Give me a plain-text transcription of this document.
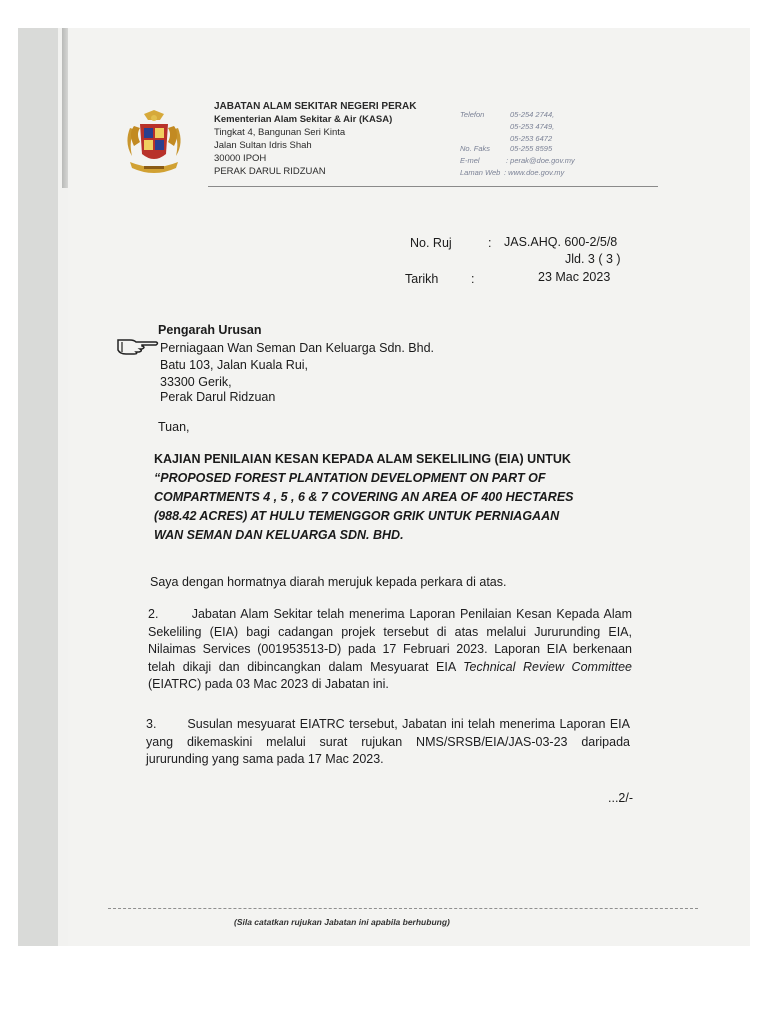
JABATAN ALAM SEKITAR NEGERI PERAK
Kementerian Alam Sekitar & Air (KASA)
Tingkat 4, Bangunan Seri Kinta
Jalan Sultan Idris Shah
30000 IPOH
PERAK DARUL RIDZUAN
Telefon	05-254 2744,
05-253 4749,
05-253 6472
No. Faks	05-255 8595
E-mel	: perak@doe.gov.my
Laman Web : www.doe.gov.my
No. Ruj	: JAS.AHQ. 600-2/5/8
Jld. 3 ( 3 )
Tarikh	:	23 Mac 2023
Pengarah Urusan
Perniagaan Wan Seman Dan Keluarga Sdn. Bhd.
Batu 103, Jalan Kuala Rui,
33300 Gerik,
Perak Darul Ridzuan
Tuan,
KAJIAN PENILAIAN KESAN KEPADA ALAM SEKELILING (EIA) UNTUK
“PROPOSED FOREST PLANTATION DEVELOPMENT ON PART OF
COMPARTMENTS 4 , 5 , 6 & 7 COVERING AN AREA OF 400 HECTARES
(988.42 ACRES) AT HULU TEMENGGOR GRIK UNTUK PERNIAGAAN
WAN SEMAN DAN KELUARGA SDN. BHD.
Saya dengan hormatnya diarah merujuk kepada perkara di atas.
2.	Jabatan Alam Sekitar telah menerima Laporan Penilaian Kesan Kepada Alam Sekeliling (EIA) bagi cadangan projek tersebut di atas melalui Jururunding EIA, Nilaimas Services (001953513-D) pada 17 Februari 2023. Laporan EIA berkenaan telah dikaji dan dibincangkan dalam Mesyuarat EIA Technical Review Committee (EIATRC) pada 03 Mac 2023 di Jabatan ini.
3. Susulan mesyuarat EIATRC tersebut, Jabatan ini telah menerima Laporan EIA yang dikemaskini melalui surat rujukan NMS/SRSB/EIA/JAS-03-23 daripada jururunding yang sama pada 17 Mac 2023.
...2/-
(Sila catatkan rujukan Jabatan ini apabila berhubung)
